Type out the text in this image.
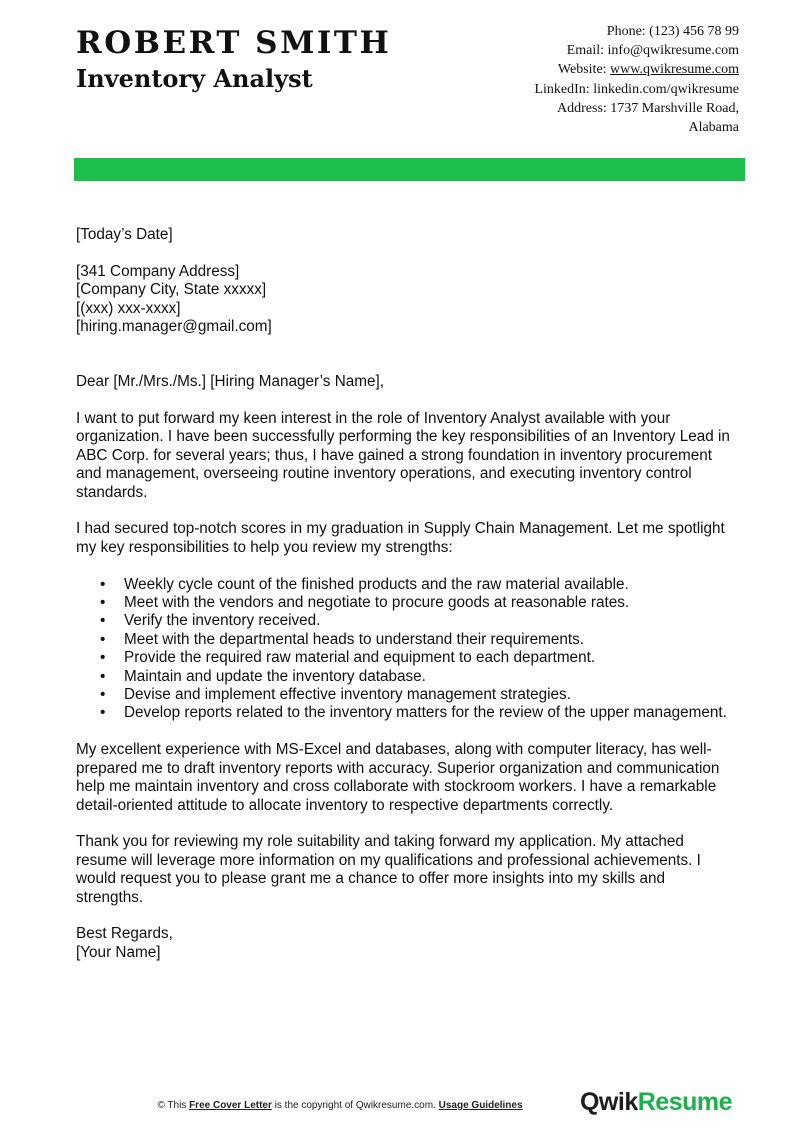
ROBERT SMITH
Inventory Analyst
Phone: (123) 456 78 99
Email: info@qwikresume.com
Website: www.qwikresume.com
LinkedIn: linkedin.com/qwikresume
Address: 1737 Marshville Road,
Alabama

[Today’s Date]

[341 Company Address]
[Company City, State xxxxx]
[(xxx) xxx-xxxx]
[hiring.manager@gmail.com]

Dear [Mr./Mrs./Ms.] [Hiring Manager’s Name],

I want to put forward my keen interest in the role of Inventory Analyst available with your organization. I have been successfully performing the key responsibilities of an Inventory Lead in ABC Corp. for several years; thus, I have gained a strong foundation in inventory procurement and management, overseeing routine inventory operations, and executing inventory control standards.

I had secured top-notch scores in my graduation in Supply Chain Management. Let me spotlight my key responsibilities to help you review my strengths:

• Weekly cycle count of the finished products and the raw material available.
• Meet with the vendors and negotiate to procure goods at reasonable rates.
• Verify the inventory received.
• Meet with the departmental heads to understand their requirements.
• Provide the required raw material and equipment to each department.
• Maintain and update the inventory database.
• Devise and implement effective inventory management strategies.
• Develop reports related to the inventory matters for the review of the upper management.

My excellent experience with MS-Excel and databases, along with computer literacy, has well-prepared me to draft inventory reports with accuracy. Superior organization and communication help me maintain inventory and cross collaborate with stockroom workers. I have a remarkable detail-oriented attitude to allocate inventory to respective departments correctly.

Thank you for reviewing my role suitability and taking forward my application. My attached resume will leverage more information on my qualifications and professional achievements. I would request you to please grant me a chance to offer more insights into my skills and strengths.

Best Regards,
[Your Name]
© This Free Cover Letter is the copyright of Qwikresume.com. Usage Guidelines	QwikResume
